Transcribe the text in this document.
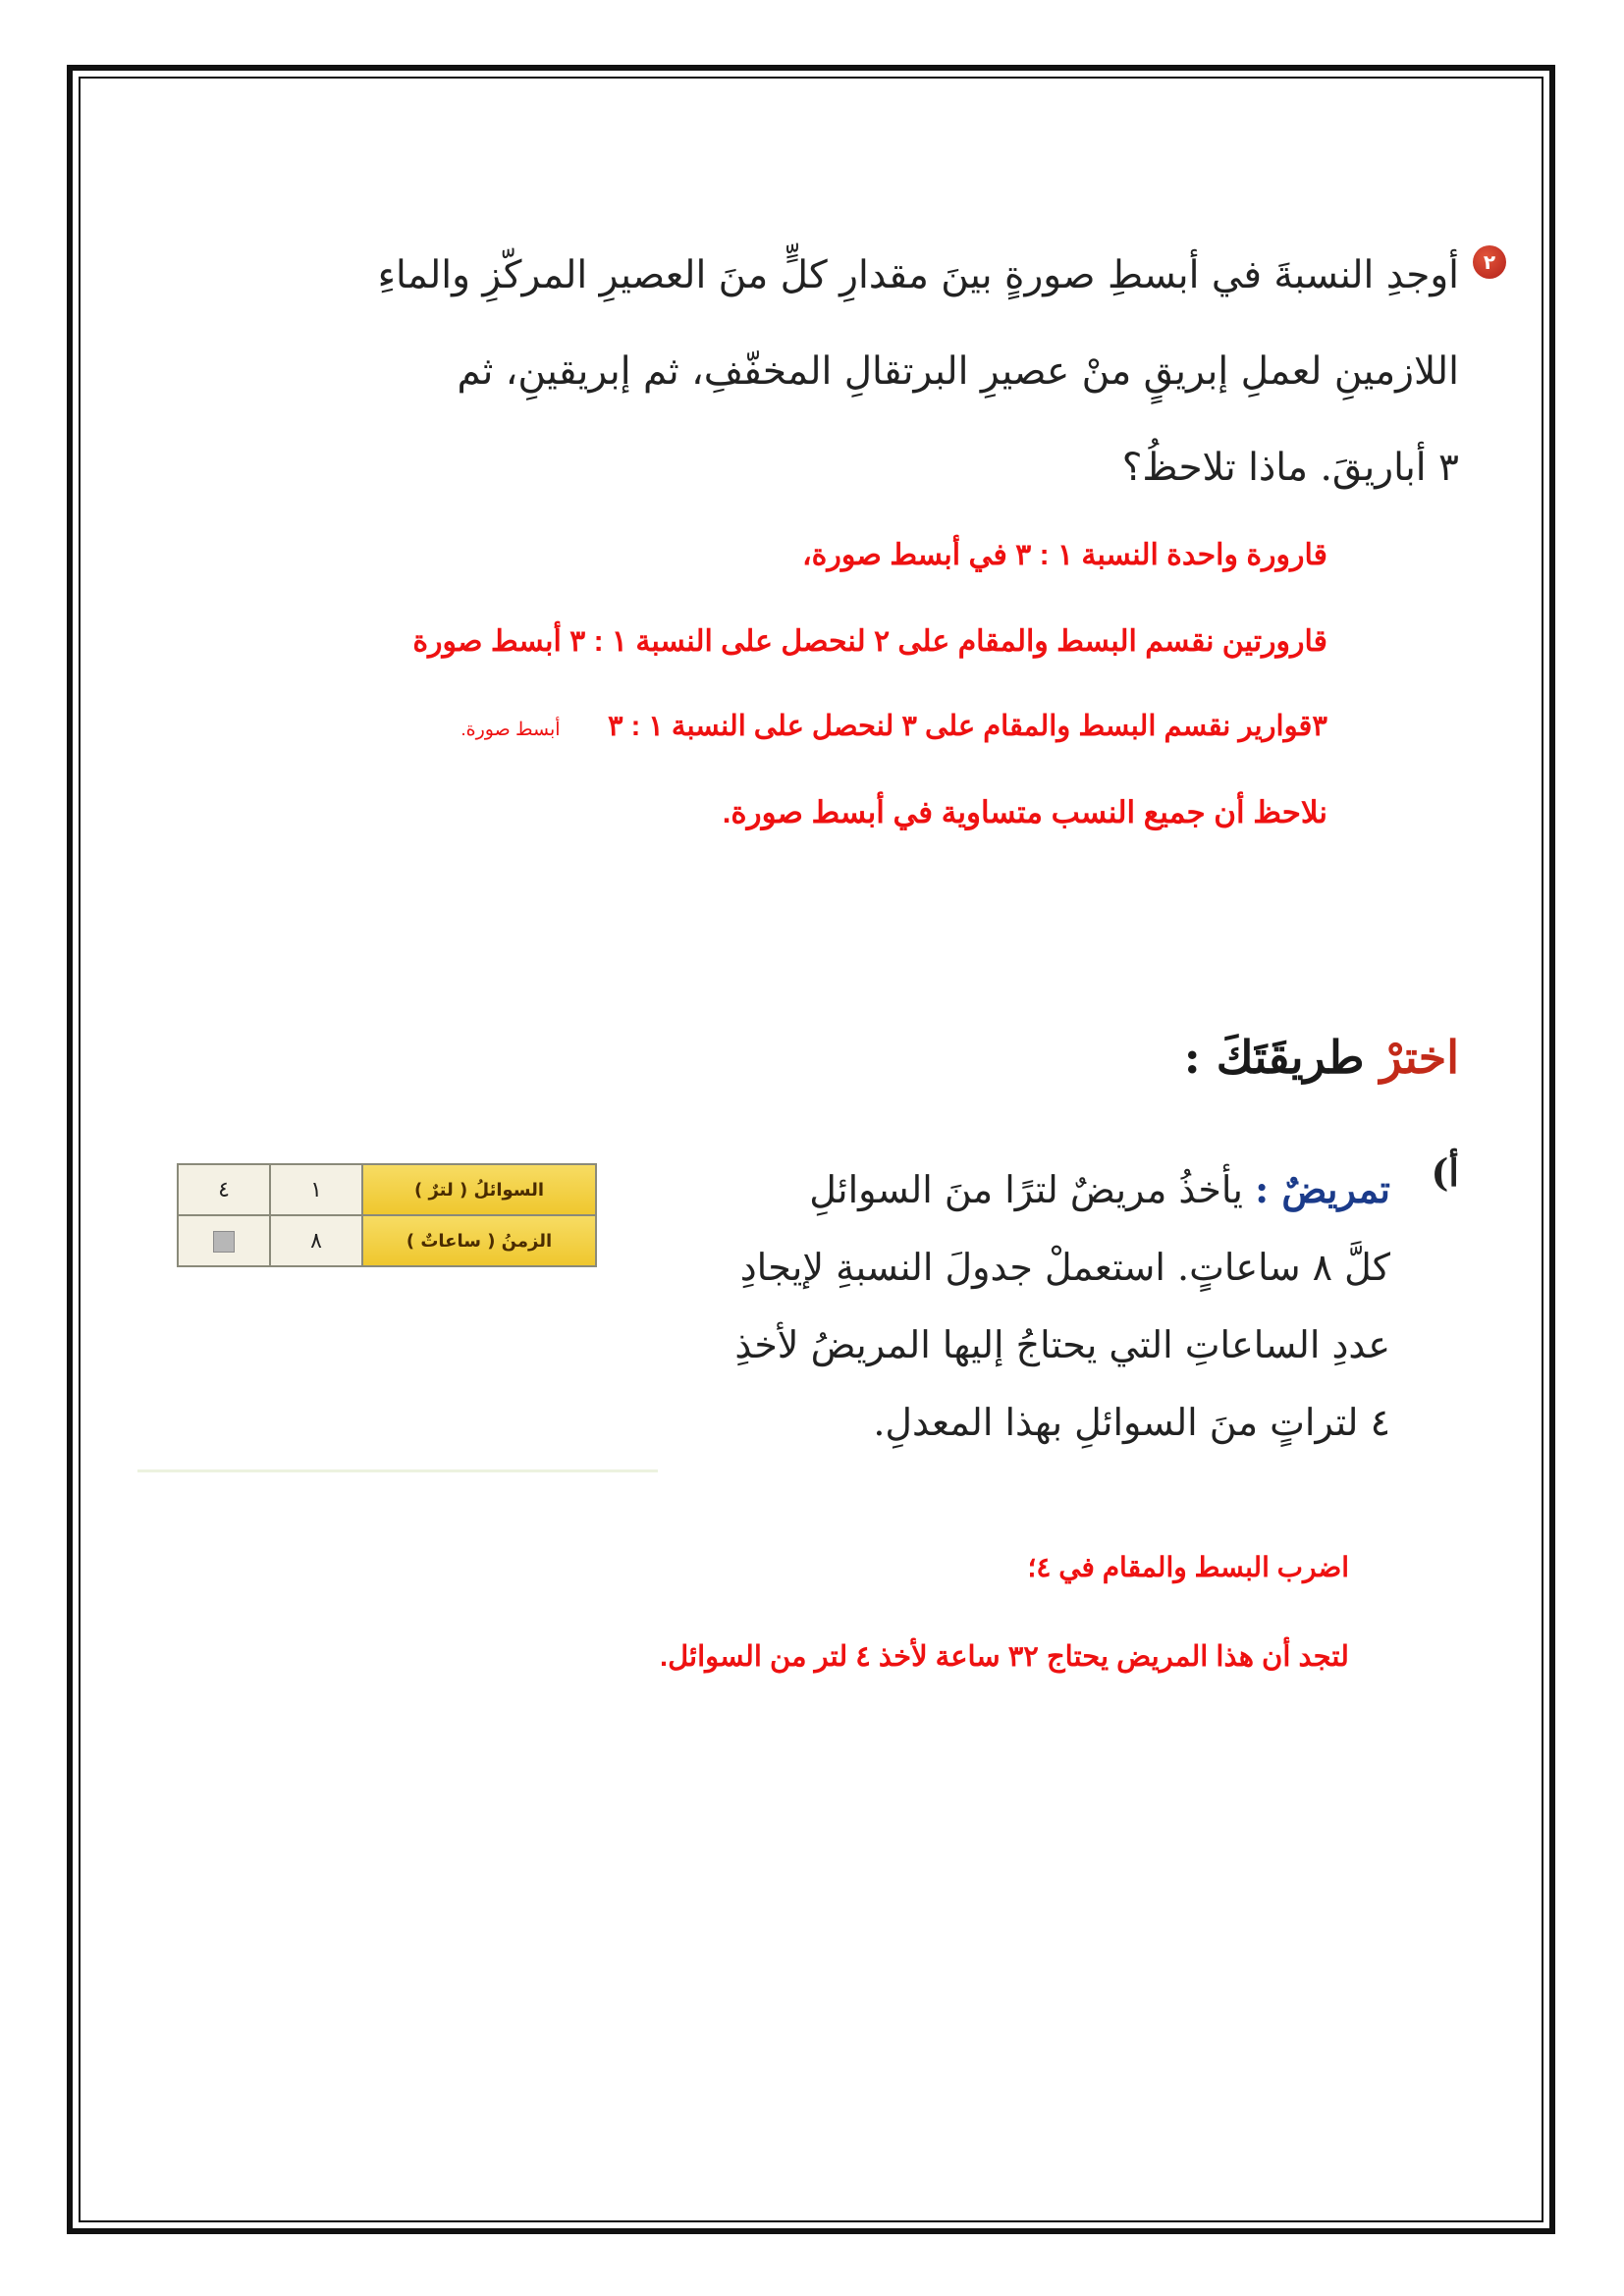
٢
أوجدِ النسبةَ في أبسطِ صورةٍ بينَ مقدارِ كلٍّ منَ العصيرِ المركّزِ والماءِ
اللازمينِ لعملِ إبريقٍ منْ عصيرِ البرتقالِ المخفّفِ، ثم إبريقينِ، ثم
٣ أباريقَ. ماذا تلاحظُ؟
قارورة واحدة النسبة ١ : ٣ في أبسط صورة،
قارورتين نقسم البسط والمقام على ٢ لنحصل على النسبة ١ : ٣ أبسط صورة
٣قوارير نقسم البسط والمقام على ٣ لنحصل على النسبة ١ : ٣      أبسط صورة.
نلاحظ أن جميع النسب متساوية في أبسط صورة.
اخترْ طريقَتَكَ :
أ)
تمريضٌ : يأخذُ مريضٌ لترًا منَ السوائلِ
كلَّ ٨ ساعاتٍ. استعملْ جدولَ النسبةِ لإيجادِ
عددِ الساعاتِ التي يحتاجُ إليها المريضُ لأخذِ
٤ لتراتٍ منَ السوائلِ بهذا المعدلِ.
السوائلُ ( لترٌ )	١	٤
الزمنُ ( ساعاتٌ )	٨	
اضرب البسط والمقام في ٤؛
لتجد أن هذا المريض يحتاج ٣٢ ساعة لأخذ ٤ لتر من السوائل.
